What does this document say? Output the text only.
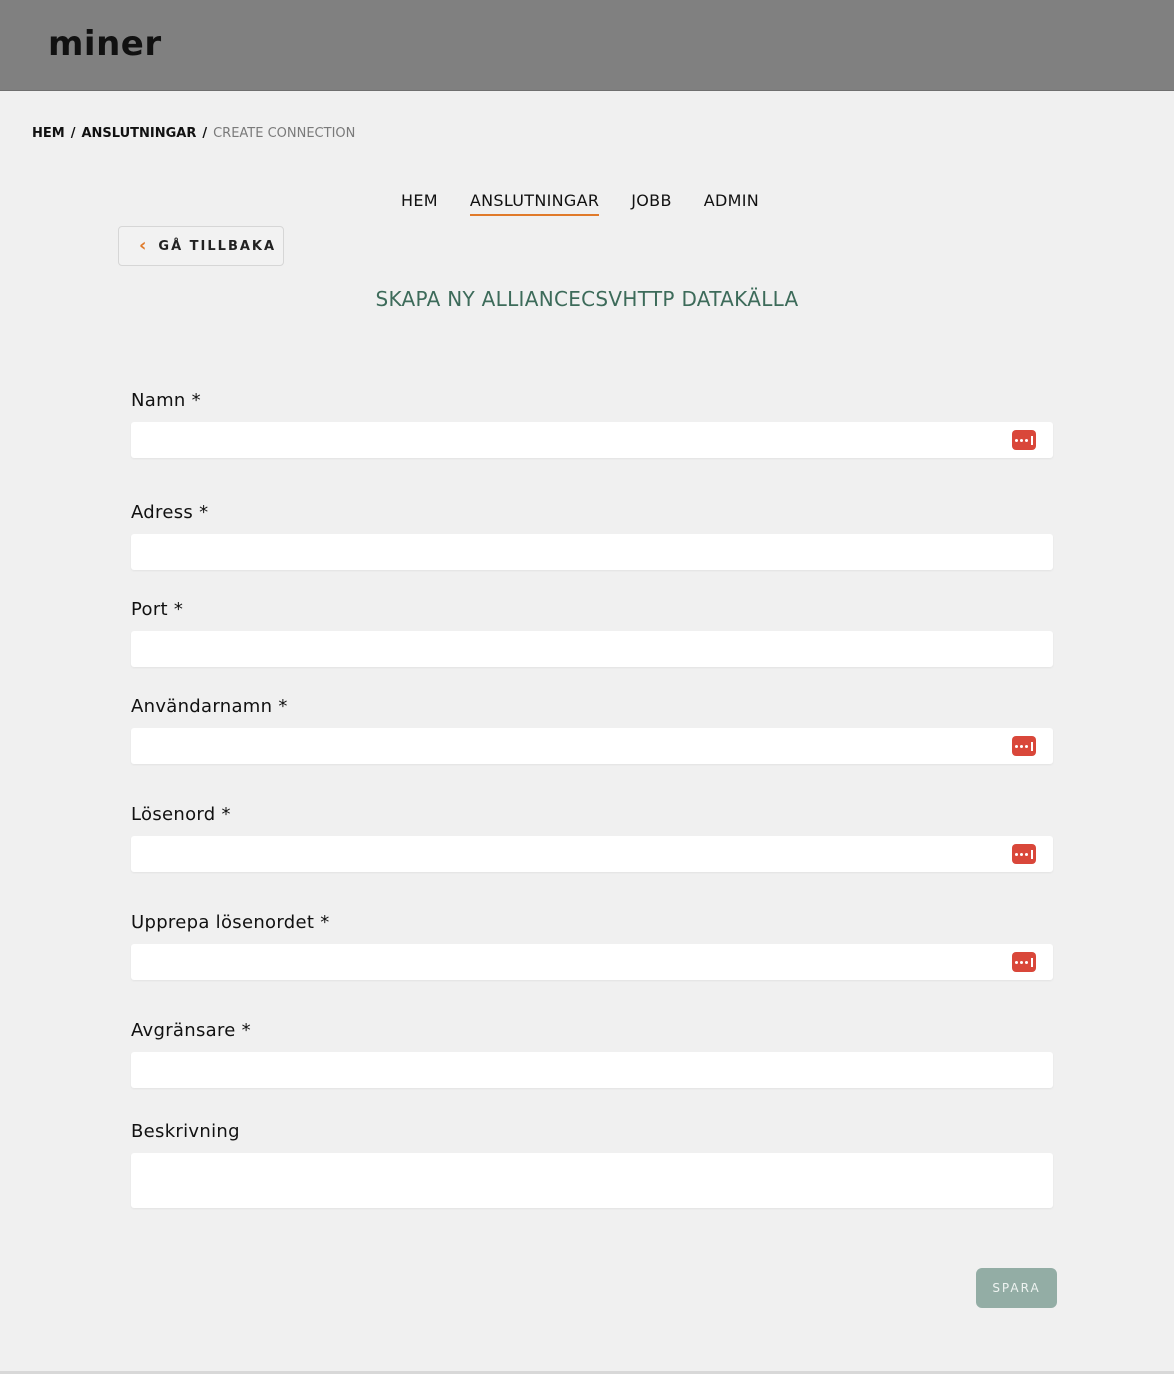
miner
HEM / ANSLUTNINGAR / CREATE CONNECTION
HEM ANSLUTNINGAR JOBB ADMIN
‹ GÅ TILLBAKA
SKAPA NY ALLIANCECSVHTTP DATAKÄLLA
Namn *
Adress *
Port *
Användarnamn *
Lösenord *
Upprepa lösenordet *
Avgränsare *
Beskrivning
SPARA
